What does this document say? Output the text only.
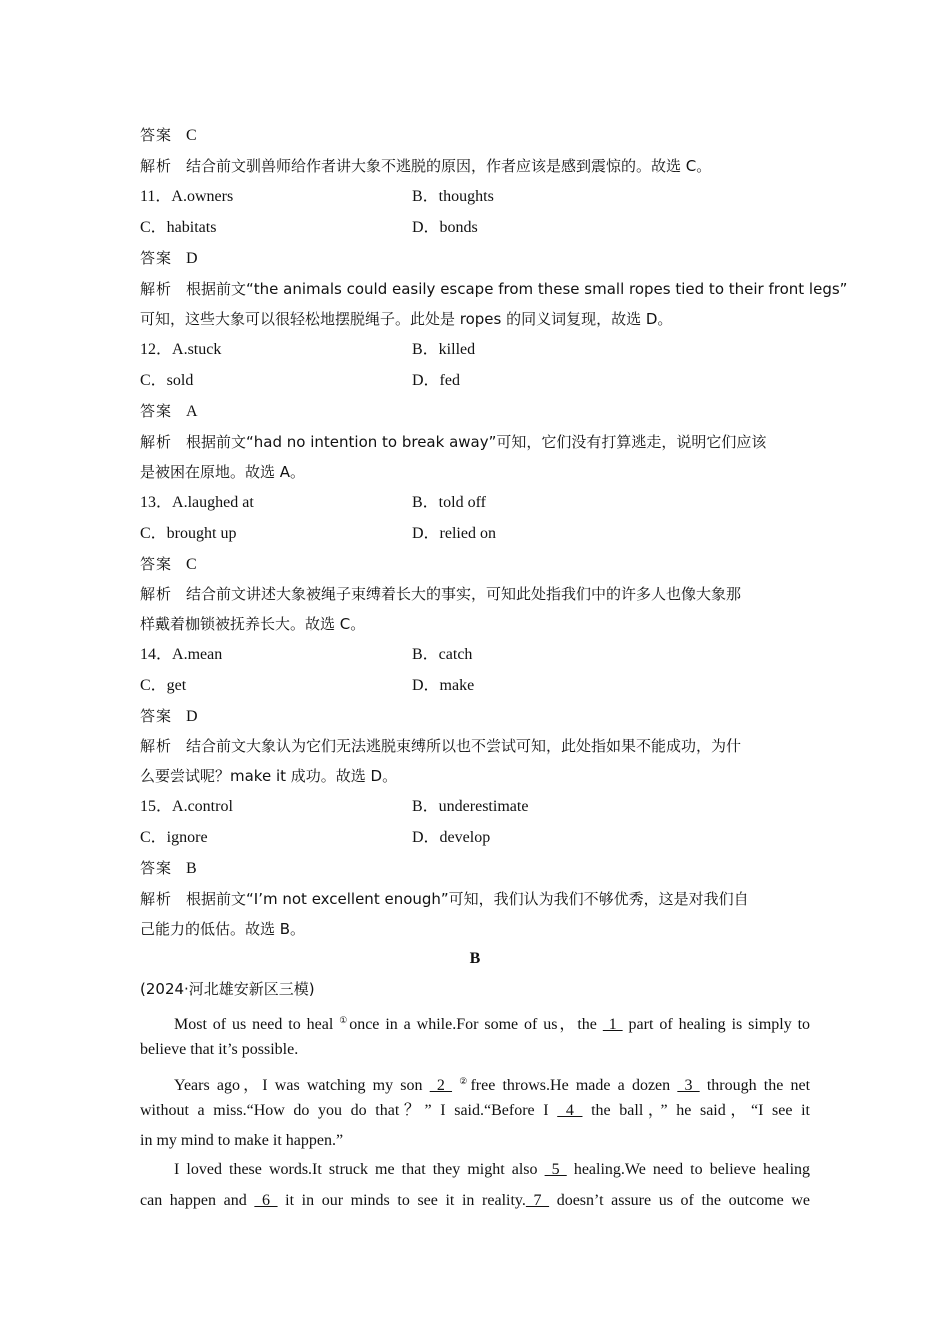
答案 C
解析 结合前文驯兽师给作者讲大象不逃脱的原因，作者应该是感到震惊的。故选 C。
11．A.owners	B．thoughts
C．habitats	D．bonds
答案 D
解析 根据前文“the animals could easily escape from these small ropes tied to their front legs”
可知，这些大象可以很轻松地摆脱绳子。此处是 ropes 的同义词复现，故选 D。
12．A.stuck	B．killed
C．sold	D．fed
答案 A
解析 根据前文“had no intention to break away”可知，它们没有打算逃走，说明它们应该
是被困在原地。故选 A。
13．A.laughed at	B．told off
C．brought up	D．relied on
答案 C
解析 结合前文讲述大象被绳子束缚着长大的事实，可知此处指我们中的许多人也像大象那
样戴着枷锁被抚养长大。故选 C。
14．A.mean	B．catch
C．get	D．make
答案 D
解析 结合前文大象认为它们无法逃脱束缚所以也不尝试可知，此处指如果不能成功，为什
么要尝试呢？make it 成功。故选 D。
15．A.control	B．underestimate
C．ignore	D．develop
答案 B
解析 根据前文“I’m not excellent enough”可知，我们认为我们不够优秀，这是对我们自
己能力的低估。故选 B。
B
(2024·河北雄安新区三模)
Most of us need to heal ①once in a while.For some of us，the  1  part of healing is simply to
believe that it’s possible.
Years ago，I was watching my son  2  ②free throws.He made a dozen  3  through the net
without a miss.“How do you do that？” I said.“Before I  4  the ball，” he said，“I see it
in my mind to make it happen.”
I loved these words.It struck me that they might also  5  healing.We need to believe healing
can happen and  6  it in our minds to see it in reality. 7  doesn’t assure us of the outcome we
